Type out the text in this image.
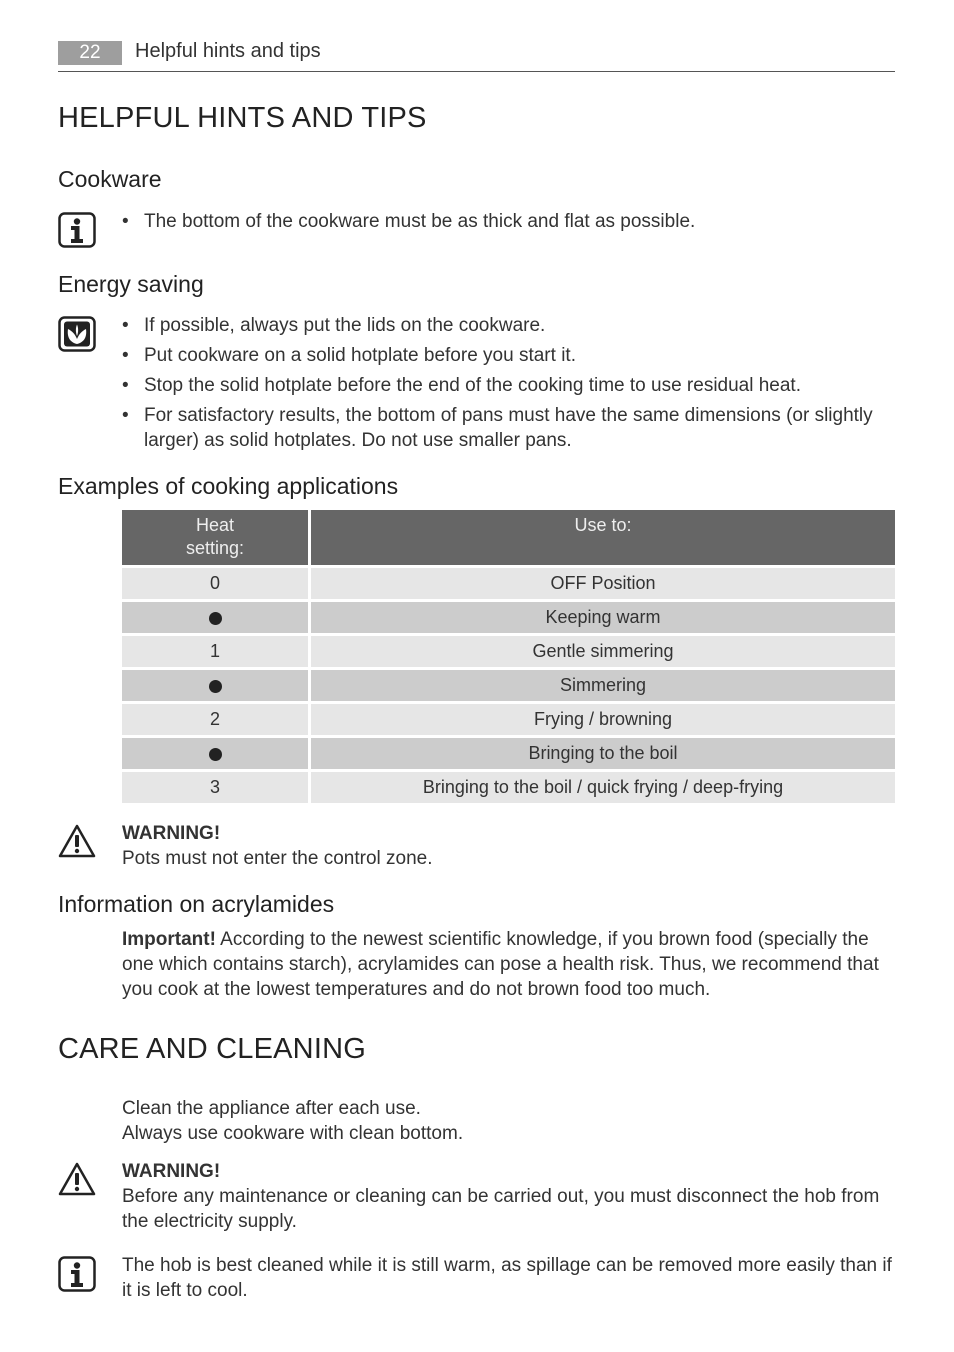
22	Helpful hints and tips
HELPFUL HINTS AND TIPS
Cookware
• The bottom of the cookware must be as thick and flat as possible.
Energy saving
• If possible, always put the lids on the cookware.
• Put cookware on a solid hotplate before you start it.
• Stop the solid hotplate before the end of the cooking time to use residual heat.
• For satisfactory results, the bottom of pans must have the same dimensions (or slightly larger) as solid hotplates. Do not use smaller pans.
Examples of cooking applications
Heat setting:	Use to:
0	OFF Position
	Keeping warm
1	Gentle simmering
	Simmering
2	Frying / browning
	Bringing to the boil
3	Bringing to the boil / quick frying / deep-frying
WARNING!
Pots must not enter the control zone.
Information on acrylamides
Important! According to the newest scientific knowledge, if you brown food (specially the one which contains starch), acrylamides can pose a health risk. Thus, we recommend that you cook at the lowest temperatures and do not brown food too much.
CARE AND CLEANING
Clean the appliance after each use.
Always use cookware with clean bottom.
WARNING!
Before any maintenance or cleaning can be carried out, you must disconnect the hob from the electricity supply.
The hob is best cleaned while it is still warm, as spillage can be removed more easily than if it is left to cool.
